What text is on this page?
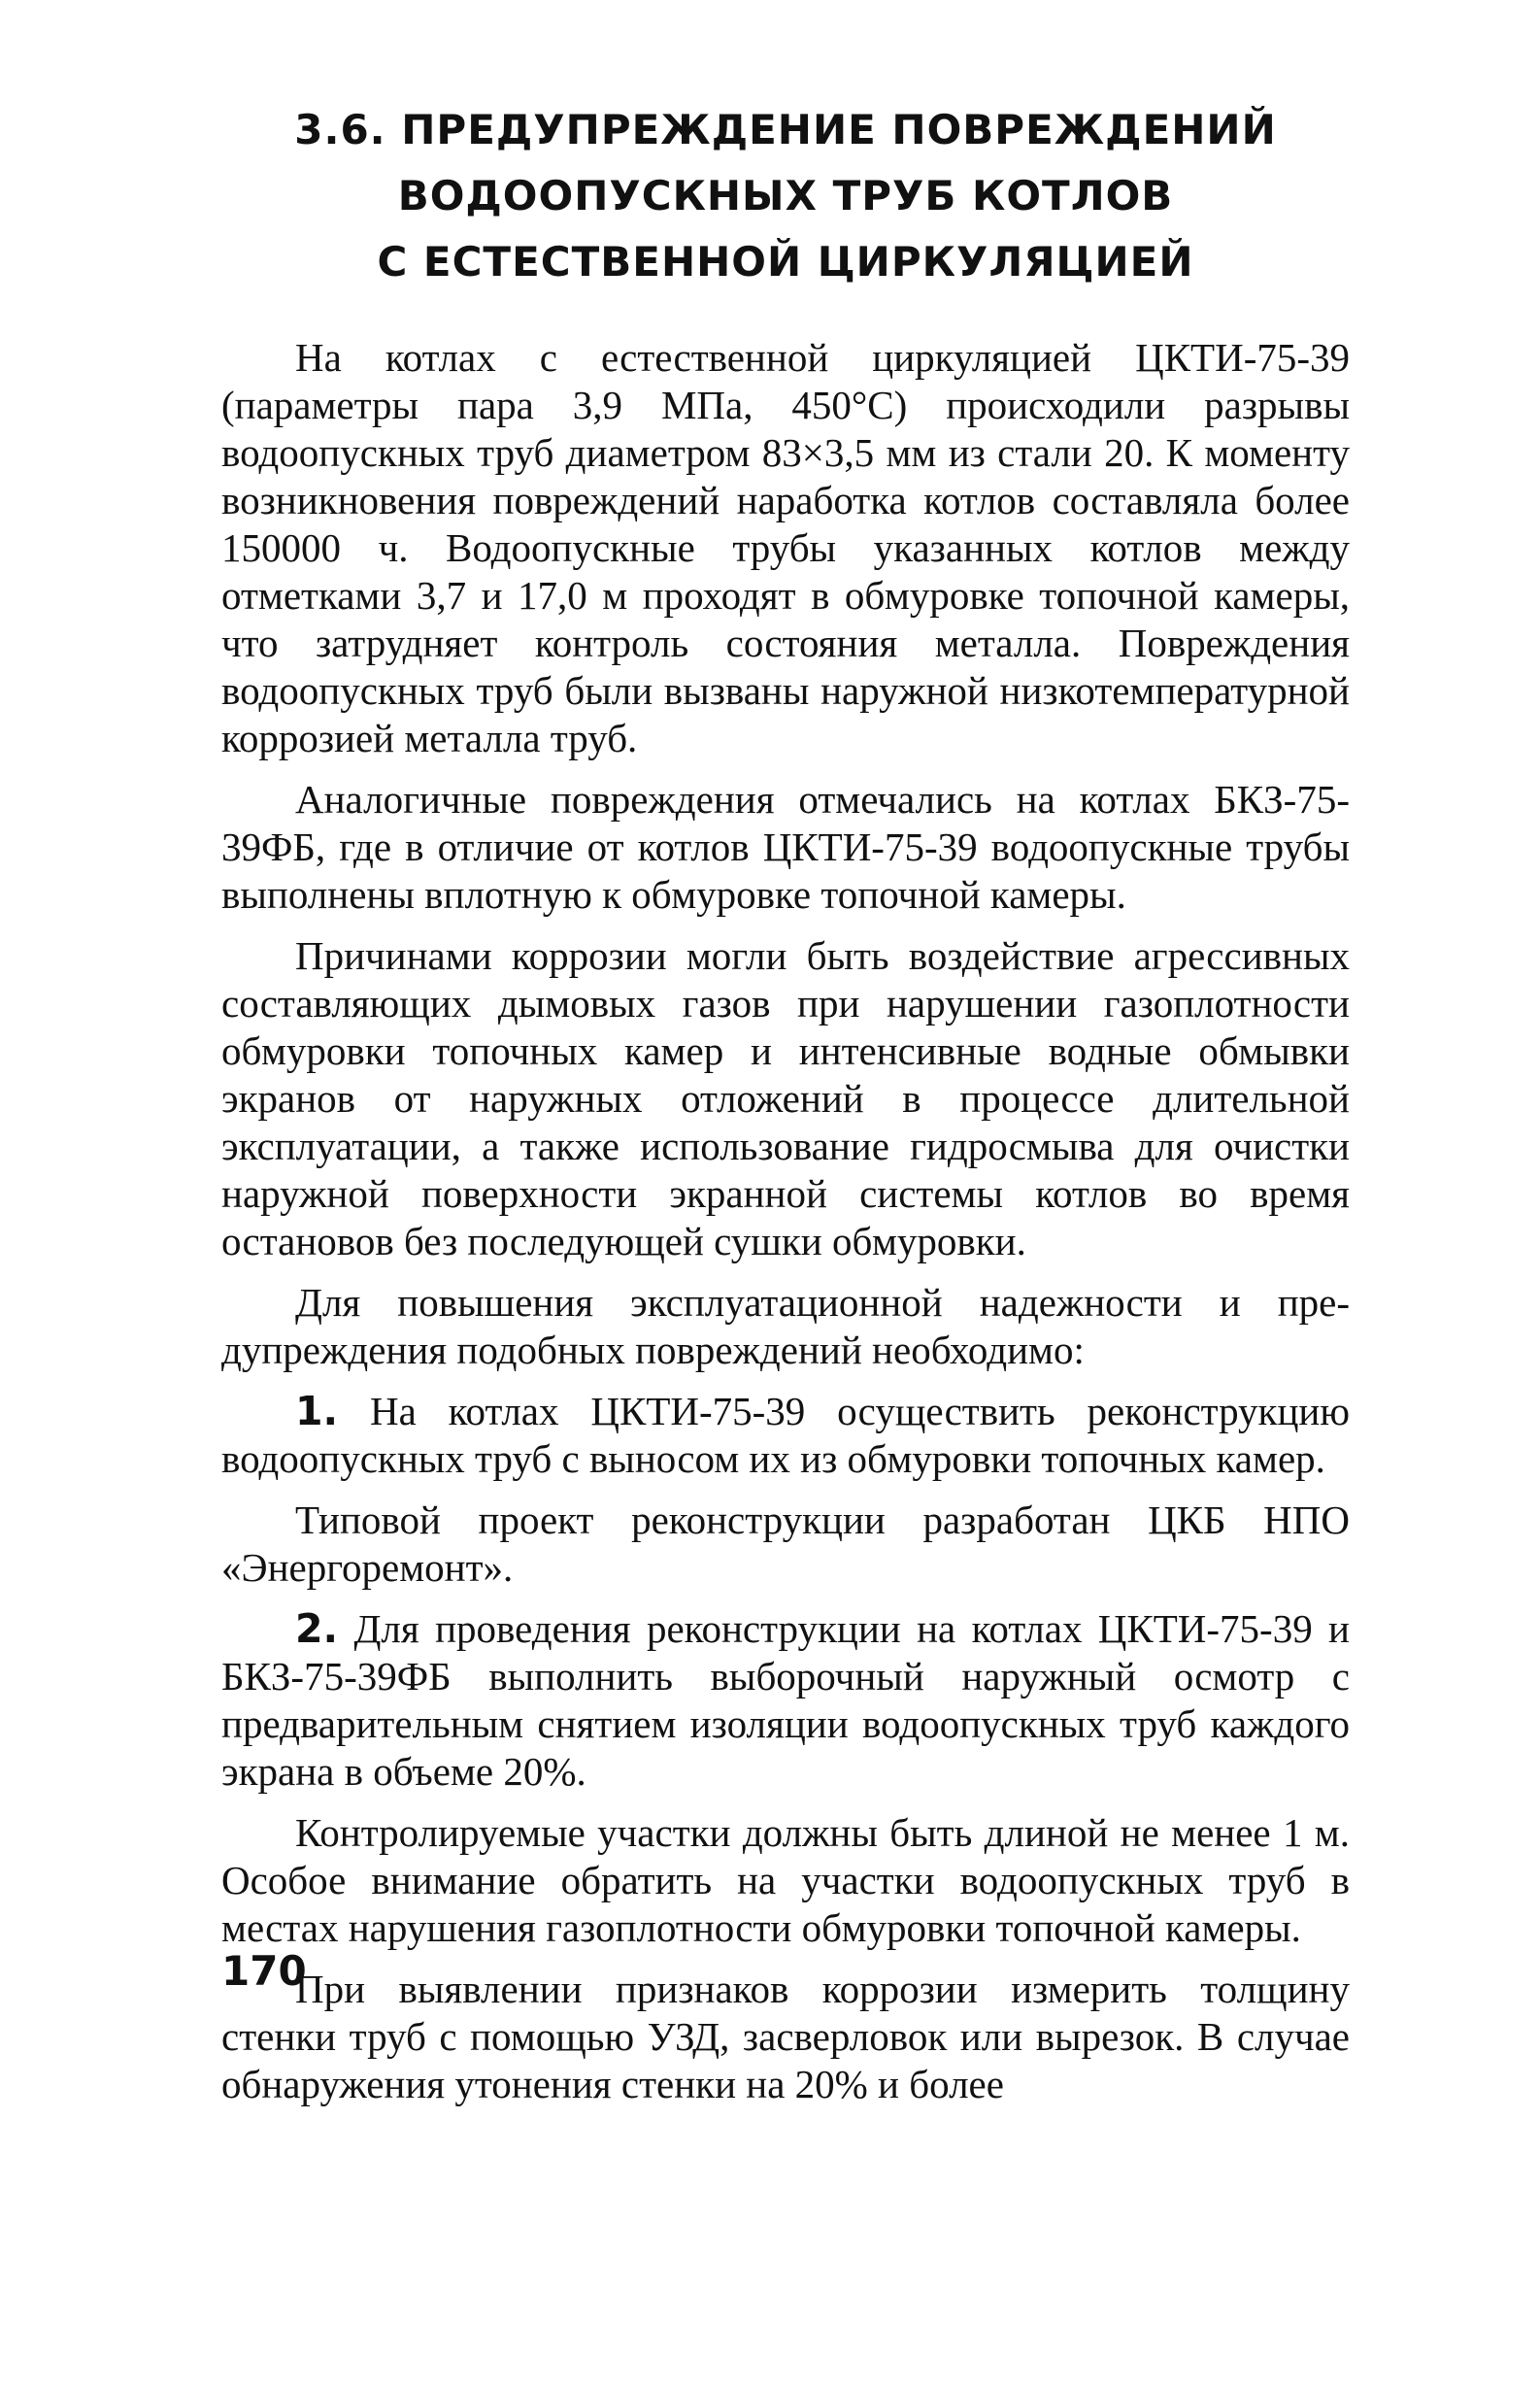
3.6. ПРЕДУПРЕЖДЕНИЕ ПОВРЕЖДЕНИЙ
ВОДООПУСКНЫХ ТРУБ КОТЛОВ
С ЕСТЕСТВЕННОЙ ЦИРКУЛЯЦИЕЙ

На котлах с естественной циркуляцией ЦКТИ-75-39 (параметры пара 3,9 МПа, 450°С) происходили разрывы водоопускных труб диаметром 83×3,5 мм из стали 20. К моменту возникновения повреждений наработка котлов составляла более 150000 ч. Водоопускные трубы указанных котлов между отметками 3,7 и 17,0 м проходят в обмуровке топочной камеры, что затрудняет контроль состояния металла. Повреждения водоопускных труб были вызваны наружной низкотемпературной коррозией металла труб.

Аналогичные повреждения отмечались на котлах БКЗ-75-39ФБ, где в отличие от котлов ЦКТИ-75-39 водоопускные трубы выполнены вплотную к обмуровке топочной камеры.

Причинами коррозии могли быть воздействие агрессивных составляющих дымовых газов при нарушении газоплотности обмуровки топочных камер и интенсивные водные обмывки экранов от наружных отложений в процессе длительной эксплуатации, а также использование гидросмыва для очистки наружной поверхности экранной системы котлов во время остановов без последующей сушки обмуровки.

Для повышения эксплуатационной надежности и предупреждения подобных повреждений необходимо:

1. На котлах ЦКТИ-75-39 осуществить реконструкцию водоопускных труб с выносом их из обмуровки топочных камер.

Типовой проект реконструкции разработан ЦКБ НПО «Энергоремонт».

2. Для проведения реконструкции на котлах ЦКТИ-75-39 и БКЗ-75-39ФБ выполнить выборочный наружный осмотр с предварительным снятием изоляции водоопускных труб каждого экрана в объеме 20%.

Контролируемые участки должны быть длиной не менее 1 м. Особое внимание обратить на участки водоопускных труб в местах нарушения газоплотности обмуровки топочной камеры.

При выявлении признаков коррозии измерить толщину стенки труб с помощью УЗД, засверловок или вырезок. В случае обнаружения утонения стенки на 20% и более

170
